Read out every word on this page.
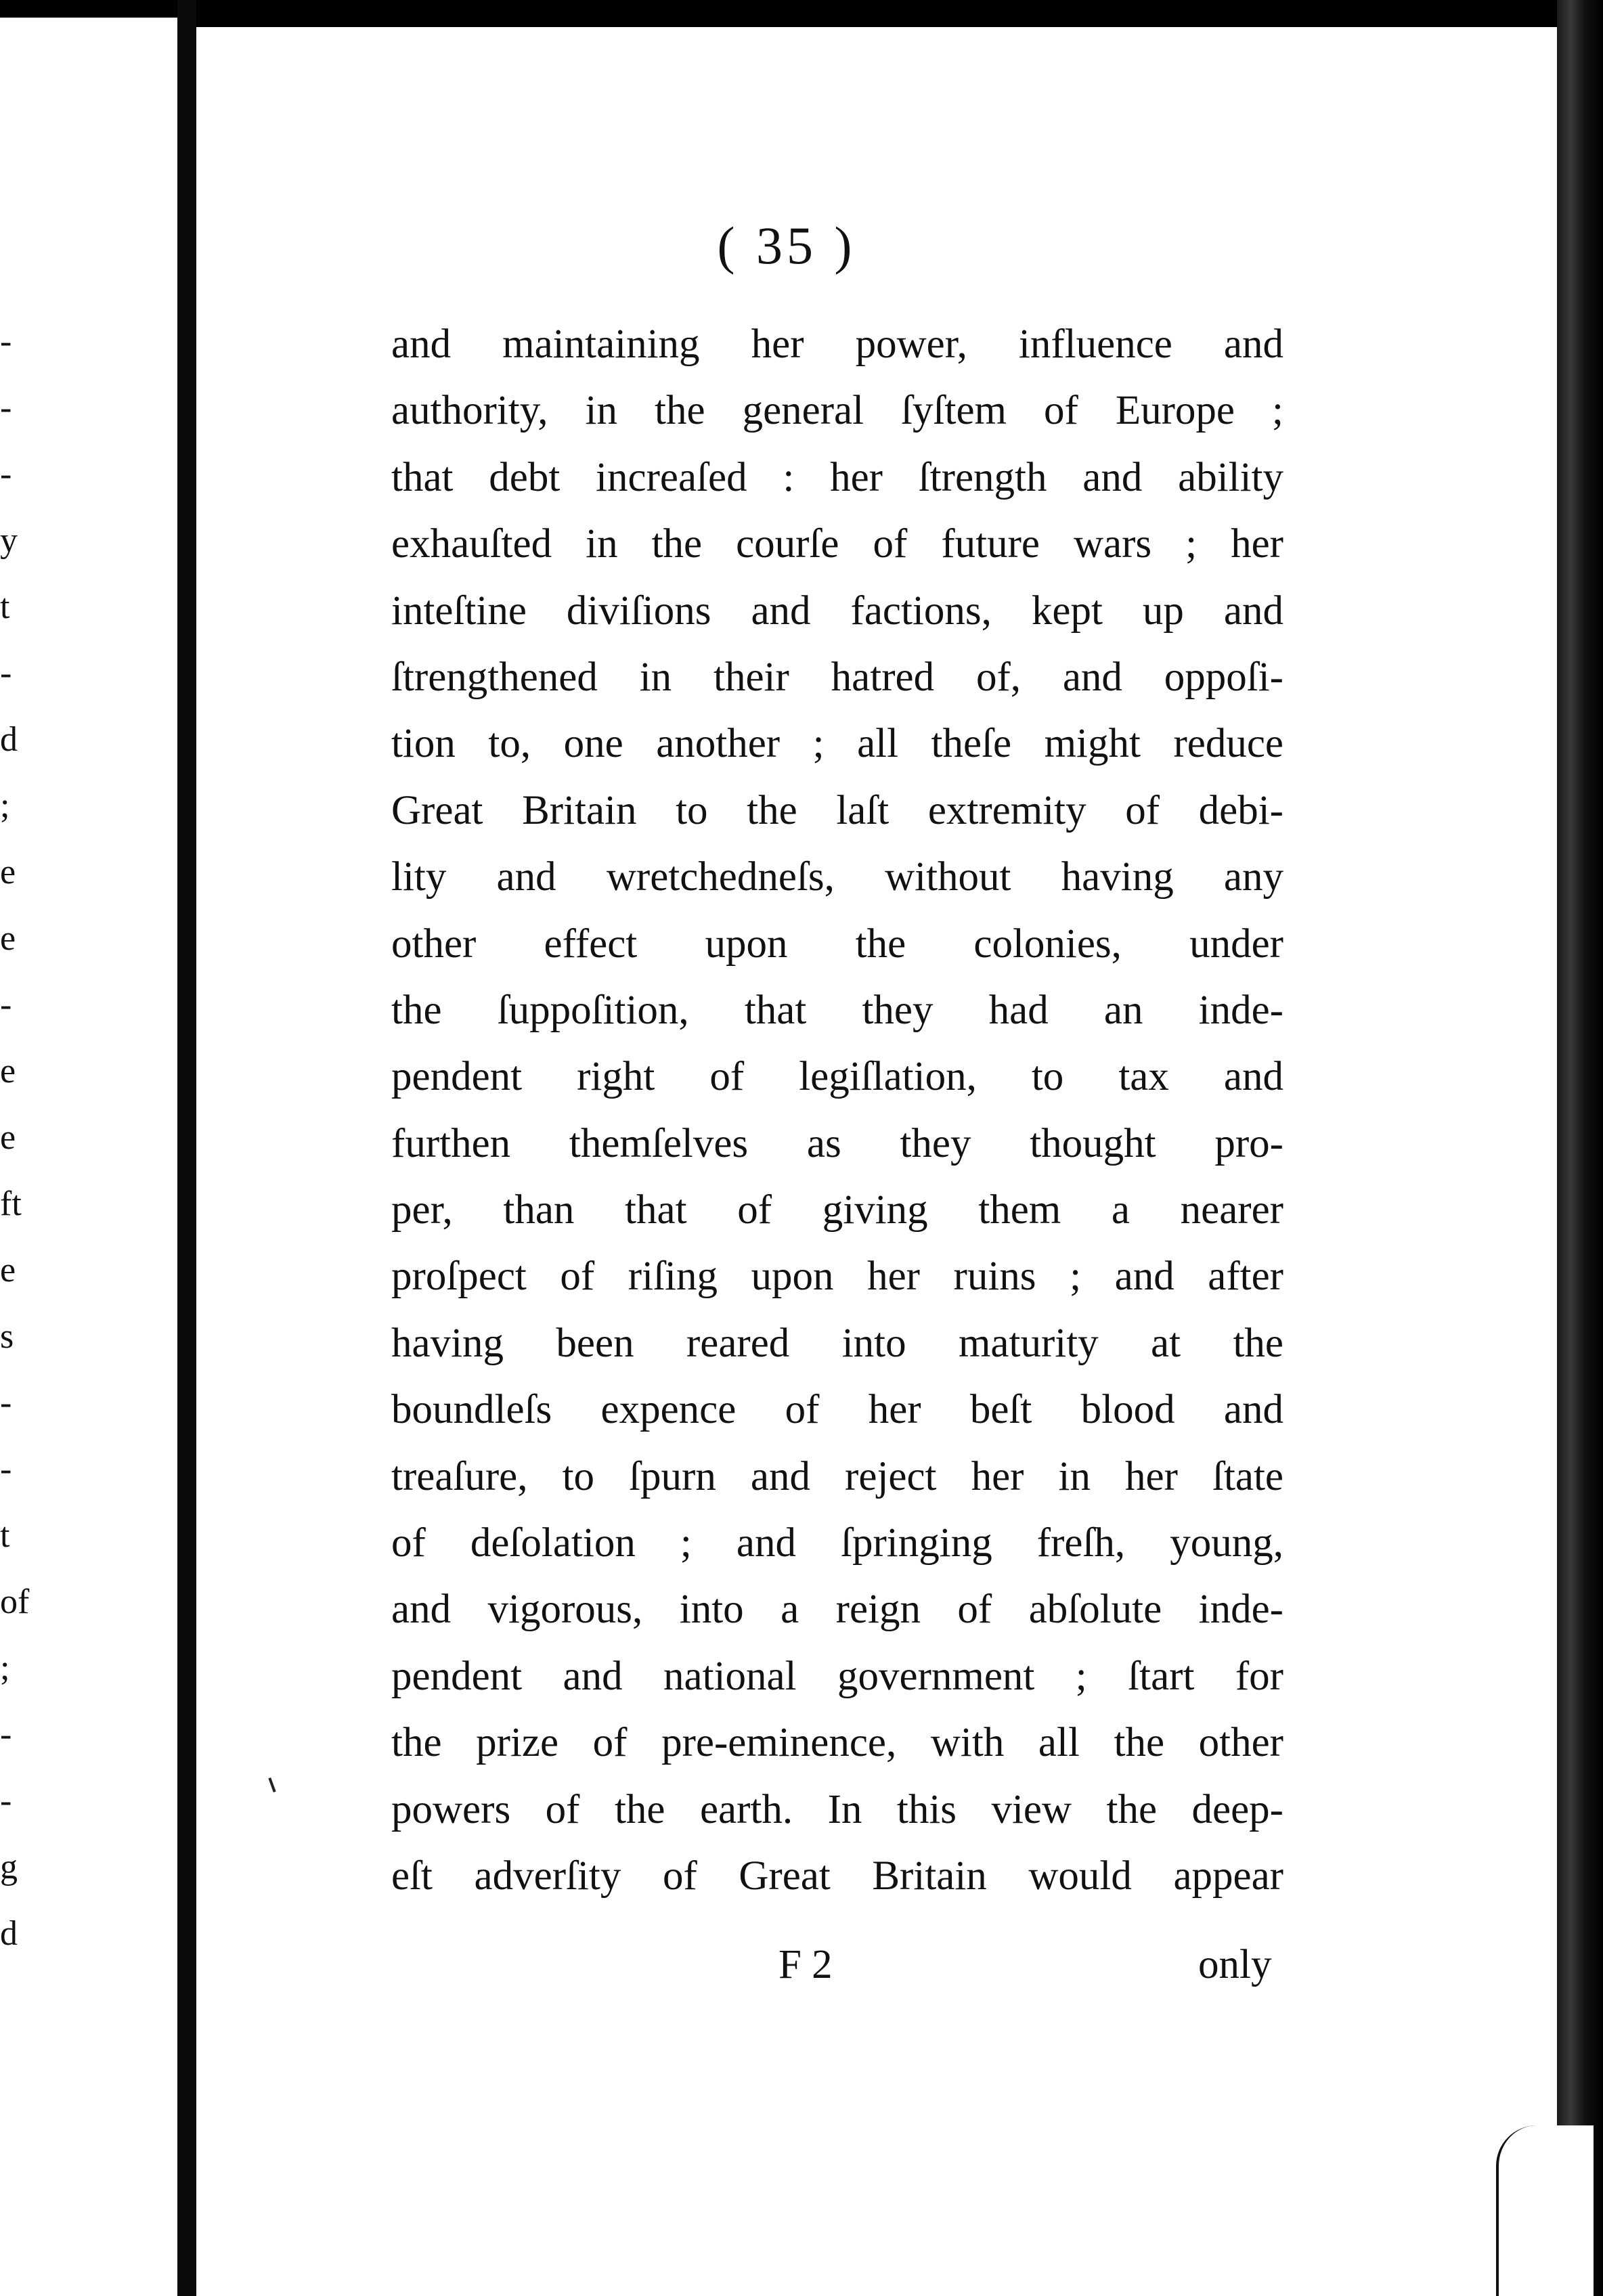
-
-
-
y
t
-
d
;
e
e
-
e
e
ft
e
s
-
-
t
of
;
-
-
g
d
( 35 )
and maintaining her power, influence and
authority, in the general ſyſtem of Europe ;
that debt increaſed : her ſtrength and ability
exhauſted in the courſe of future wars ; her
inteſtine diviſions and factions, kept up and
ſtrengthened in their hatred of, and oppoſi-
tion to, one another ; all theſe might reduce
Great Britain to the laſt extremity of debi-
lity and wretchedneſs, without having any
other effect upon the colonies, under
the ſuppoſition, that they had an inde-
pendent right of legiſlation, to tax and
furthen themſelves as they thought pro-
per, than that of giving them a nearer
proſpect of riſing upon her ruins ; and after
having been reared into maturity at the
boundleſs expence of her beſt blood and
treaſure, to ſpurn and reject her in her ſtate
of deſolation ; and ſpringing freſh, young,
and vigorous, into a reign of abſolute inde-
pendent and national government ; ſtart for
the prize of pre-eminence, with all the other
powers of the earth. In this view the deep-
eſt adverſity of Great Britain would appear
F 2	only
